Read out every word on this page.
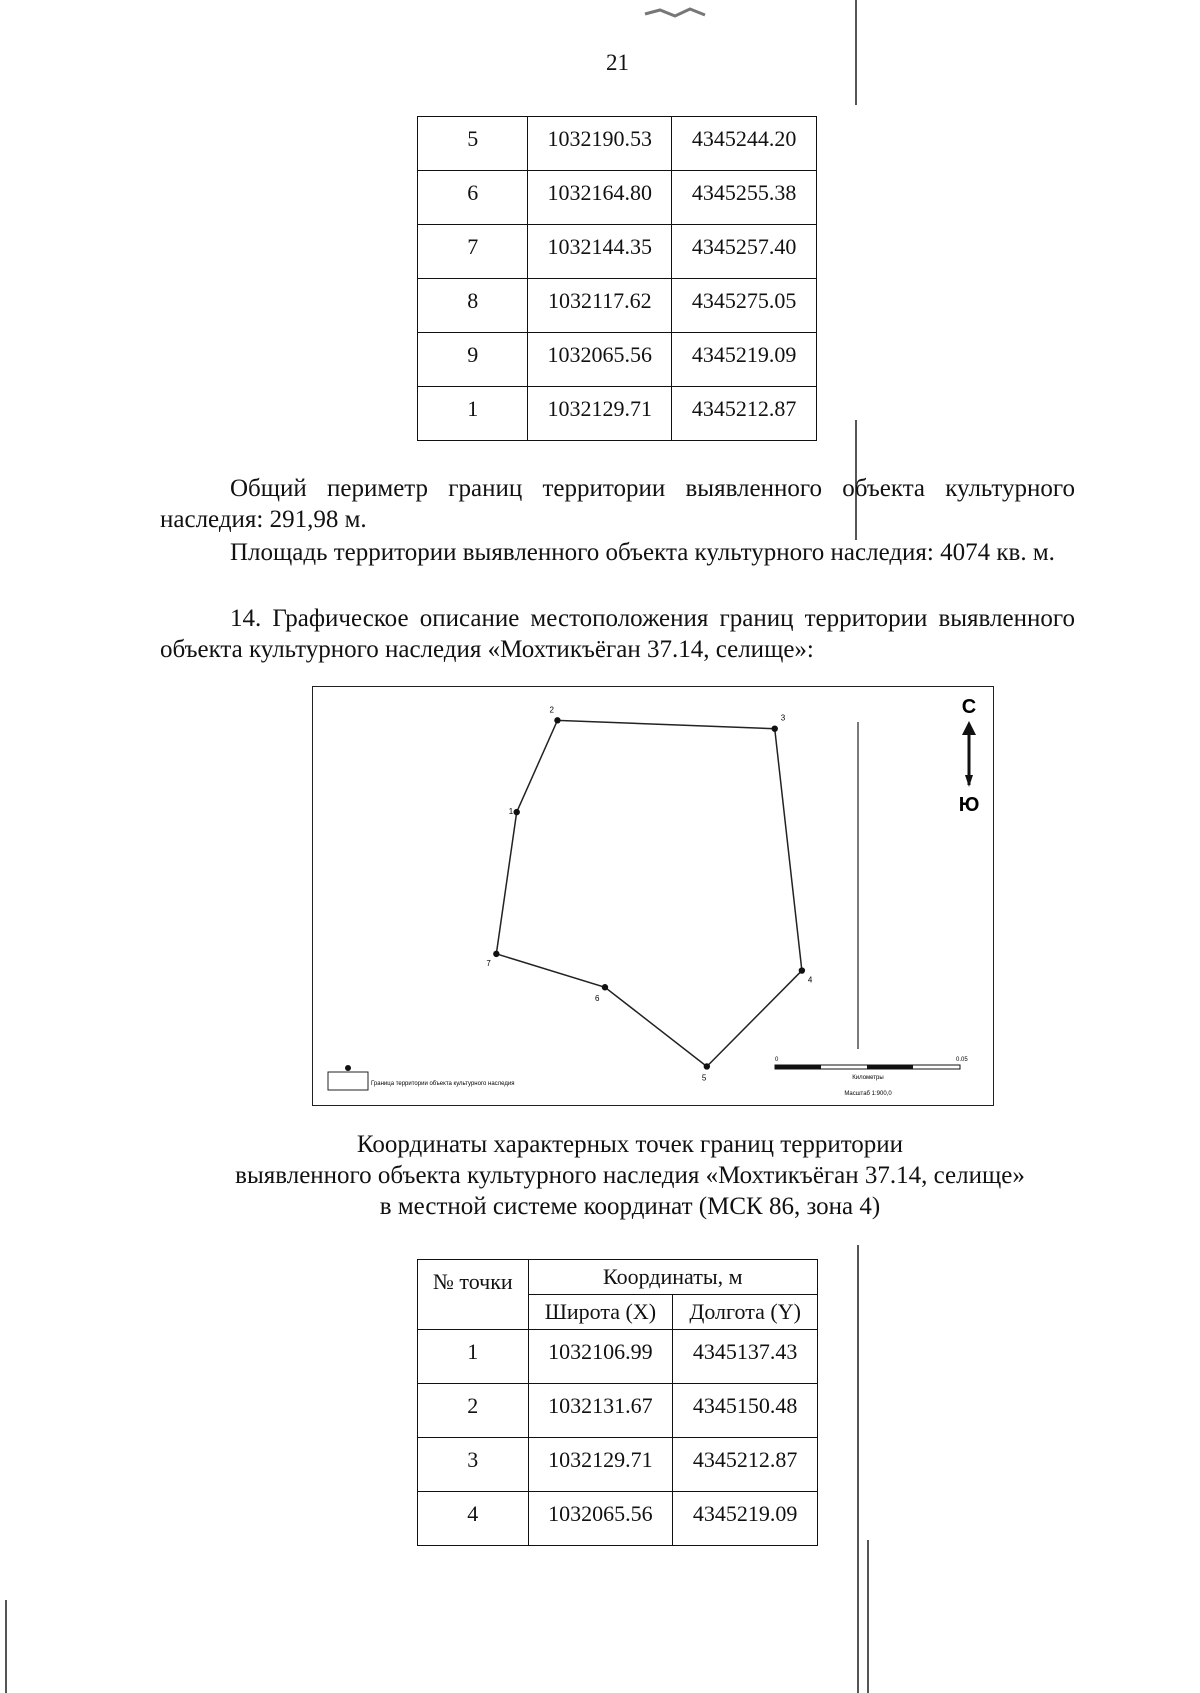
21
5	1032190.53	4345244.20
6	1032164.80	4345255.38
7	1032144.35	4345257.40
8	1032117.62	4345275.05
9	1032065.56	4345219.09
1	1032129.71	4345212.87
Общий периметр границ территории выявленного объекта культурного наследия: 291,98 м.
Площадь территории выявленного объекта культурного наследия: 4074 кв. м.
14. Графическое описание местоположения границ территории выявленного объекта культурного наследия «Мохтикъёган 37.14, селище»:
1
2
3
4
5
6
7
С
Ю
Граница территории объекта культурного наследия
0	0.05
Километры
Масштаб 1:900,0
Координаты характерных точек границ территории
выявленного объекта культурного наследия «Мохтикъёган 37.14, селище»
в местной системе координат (МСК 86, зона 4)
№ точки	Координаты, м	
	Широта (X)	Долгота (Y)
1	1032106.99	4345137.43
2	1032131.67	4345150.48
3	1032129.71	4345212.87
4	1032065.56	4345219.09
